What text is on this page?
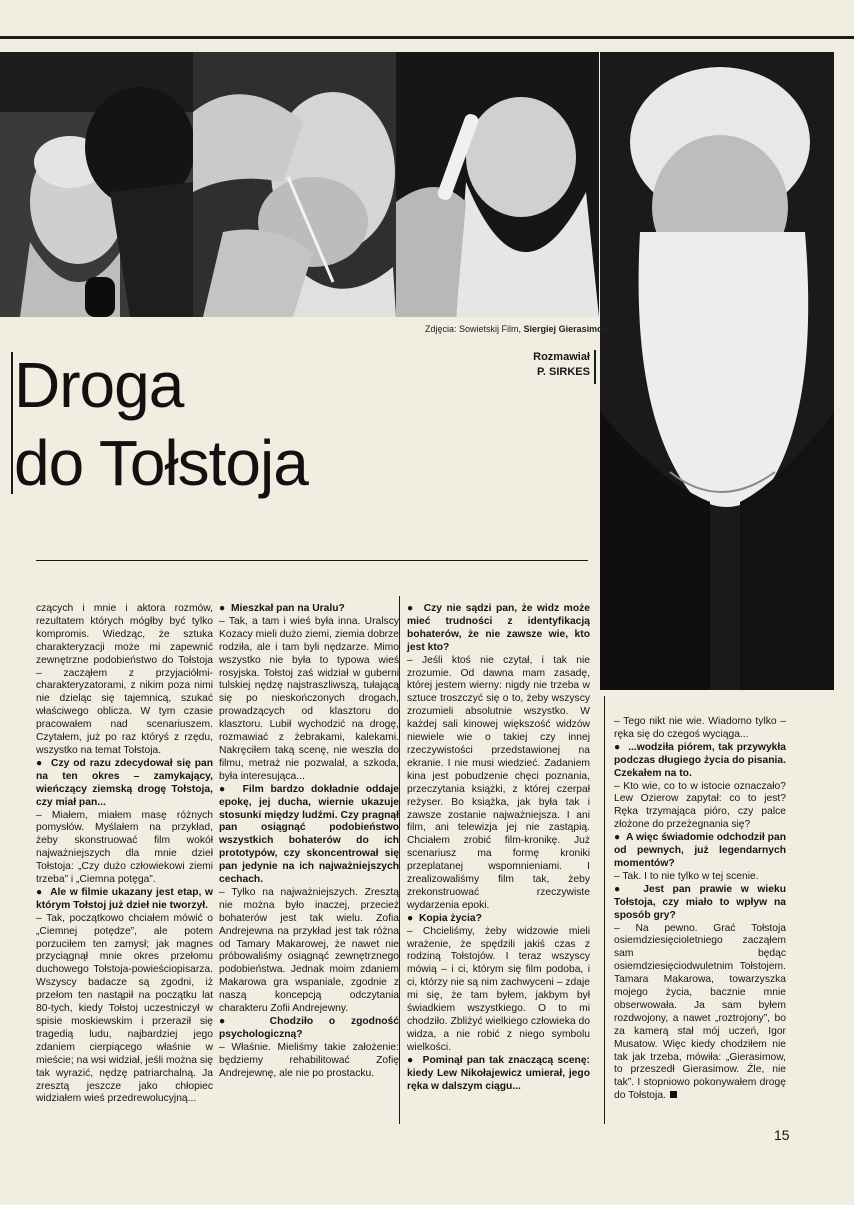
Zdjęcia: Sowietskij Film, Siergiej Gierasimow
Droga
do Tołstoja
Rozmawiał
P. SIRKES

czących i mnie i aktora rozmów, rezultatem których mógłby być tylko kompromis. Wiedząc, że sztuka charakteryzacji może mi zapewnić zewnętrzne podobieństwo do Tołstoja – zacząłem z przyjaciółmi-charakteryzatorami, z nikim poza nimi nie dzieląc się tajemnicą, szukać właściwego oblicza. W tym czasie pracowałem nad scenariuszem. Czytałem, już po raz któryś z rzędu, wszystko na temat Tołstoja.

●  Czy od razu zdecydował się pan na ten okres – zamykający, wieńczący ziemską drogę Tołstoja, czy miał pan...

– Miałem, miałem masę różnych pomysłów. Myślałem na przykład, żeby skonstruować film wokół najważniejszych dla mnie dzieł Tołstoja: „Czy dużo człowiekowi ziemi trzeba” i „Ciemna potęga”.

●  Ale w filmie ukazany jest etap, w którym Tołstoj już dzieł nie tworzył.

– Tak, początkowo chciałem mówić o „Ciemnej potędze”, ale potem porzuciłem ten zamysł; jak magnes przyciągnął mnie okres przełomu duchowego Tołstoja-powieściopisarza. Wszyscy badacze są zgodni, iż przełom ten nastąpił na początku lat 80-tych, kiedy Tołstoj uczestniczył w spisie moskiewskim i przeraził się tragedią ludu, najbardziej jego zdaniem cierpiącego właśnie w mieście; na wsi widział, jeśli można się tak wyrazić, nędzę patriarchalną. Ja zresztą jeszcze jako chłopiec widziałem wieś przedrewolucyjną...

●  Mieszkał pan na Uralu?

– Tak, a tam i wieś była inna. Uralscy Kozacy mieli dużo ziemi, ziemia dobrze rodziła, ale i tam byli nędzarze. Mimo wszystko nie była to typowa wieś rosyjska. Tołstoj zaś widział w guberni tulskiej nędzę najstraszliwszą, tułającą się po nieskończonych drogach, prowadzących od klasztoru do klasztoru. Lubił wychodzić na drogę, rozmawiać z żebrakami, kalekami. Nakręciłem taką scenę, nie weszła do filmu, metraż nie pozwalał, a szkoda, była interesująca...

●  Film bardzo dokładnie oddaje epokę, jej ducha, wiernie ukazuje stosunki między ludźmi. Czy pragnął pan osiągnąć podobieństwo wszystkich bohaterów do ich prototypów, czy skoncentrował się pan jedynie na ich najważniejszych cechach.

– Tylko na najważniejszych. Zresztą nie można było inaczej, przecież bohaterów jest tak wielu. Zofia Andrejewna na przykład jest tak różna od Tamary Makarowej, że nawet nie próbowaliśmy osiągnąć zewnętrznego podobieństwa. Jednak moim zdaniem Makarowa gra wspaniale, zgodnie z naszą koncepcją odczytania charakteru Zofii Andrejewny.

●  Chodziło o zgodność psychologiczną?

– Właśnie. Mieliśmy takie założenie: będziemy rehabilitować Zofię Andrejewnę, ale nie po prostacku.

●  Czy nie sądzi pan, że widz może mieć trudności z identyfikacją bohaterów, że nie zawsze wie, kto jest kto?

– Jeśli ktoś nie czytał, i tak nie zrozumie. Od dawna mam zasadę, której jestem wierny: nigdy nie trzeba w sztuce troszczyć się o to, żeby wszyscy zrozumieli absolutnie wszystko. W każdej sali kinowej większość widzów niewiele wie o takiej czy innej rzeczywistości przedstawionej na ekranie. I nie musi wiedzieć. Zadaniem kina jest pobudzenie chęci poznania, przeczytania książki, z której czerpał reżyser. Bo książka, jak była tak i zawsze zostanie najważniejsza. I ani film, ani telewizja jej nie zastąpią. Chciałem zrobić film-kronikę. Już scenariusz ma formę kroniki przeplatanej wspomnieniami. I zrealizowaliśmy film tak, żeby zrekonstruować rzeczywiste wydarzenia epoki.

●  Kopia życia?

– Chcieliśmy, żeby widzowie mieli wrażenie, że spędzili jakiś czas z rodziną Tołstojów. I teraz wszyscy mówią – i ci, którym się film podoba, i ci, którzy nie są nim zachwyceni – zdaje mi się, że tam byłem, jakbym był świadkiem wszystkiego. O to mi chodziło. Zbliżyć wielkiego człowieka do widza, a nie robić z niego symbolu wielkości.

●  Pominął pan tak znaczącą scenę: kiedy Lew Nikołajewicz umierał, jego ręka w dalszym ciągu...

– Tego nikt nie wie. Wiadomo tylko – ręka się do czegoś wyciąga...

●  ...wodziła piórem, tak przywykła podczas długiego życia do pisania. Czekałem na to.

– Kto wie, co to w istocie oznaczało? Lew Ozierow zapytał: co to jest? Ręka trzymająca pióro, czy palce złożone do przeżegnania się?

●  A więc świadomie odchodził pan od pewnych, już legendarnych momentów?

– Tak. I to nie tylko w tej scenie.

●  Jest pan prawie w wieku Tołstoja, czy miało to wpływ na sposób gry?

– Na pewno. Grać Tołstoja osiemdziesięcioletniego zacząłem sam będąc osiemdziesięciodwuletnim Tołstojem. Tamara Makarowa, towarzyszka mojego życia, bacznie mnie obserwowała. Ja sam byłem rozdwojony, a nawet „roztrojony”, bo za kamerą stał mój uczeń, Igor Musatow. Więc kiedy chodziłem nie tak jak trzeba, mówiła: „Gierasimow, to przeszedł Gierasimow. Źle, nie tak”. I stopniowo pokonywałem drogę do Tołstoja.

15
